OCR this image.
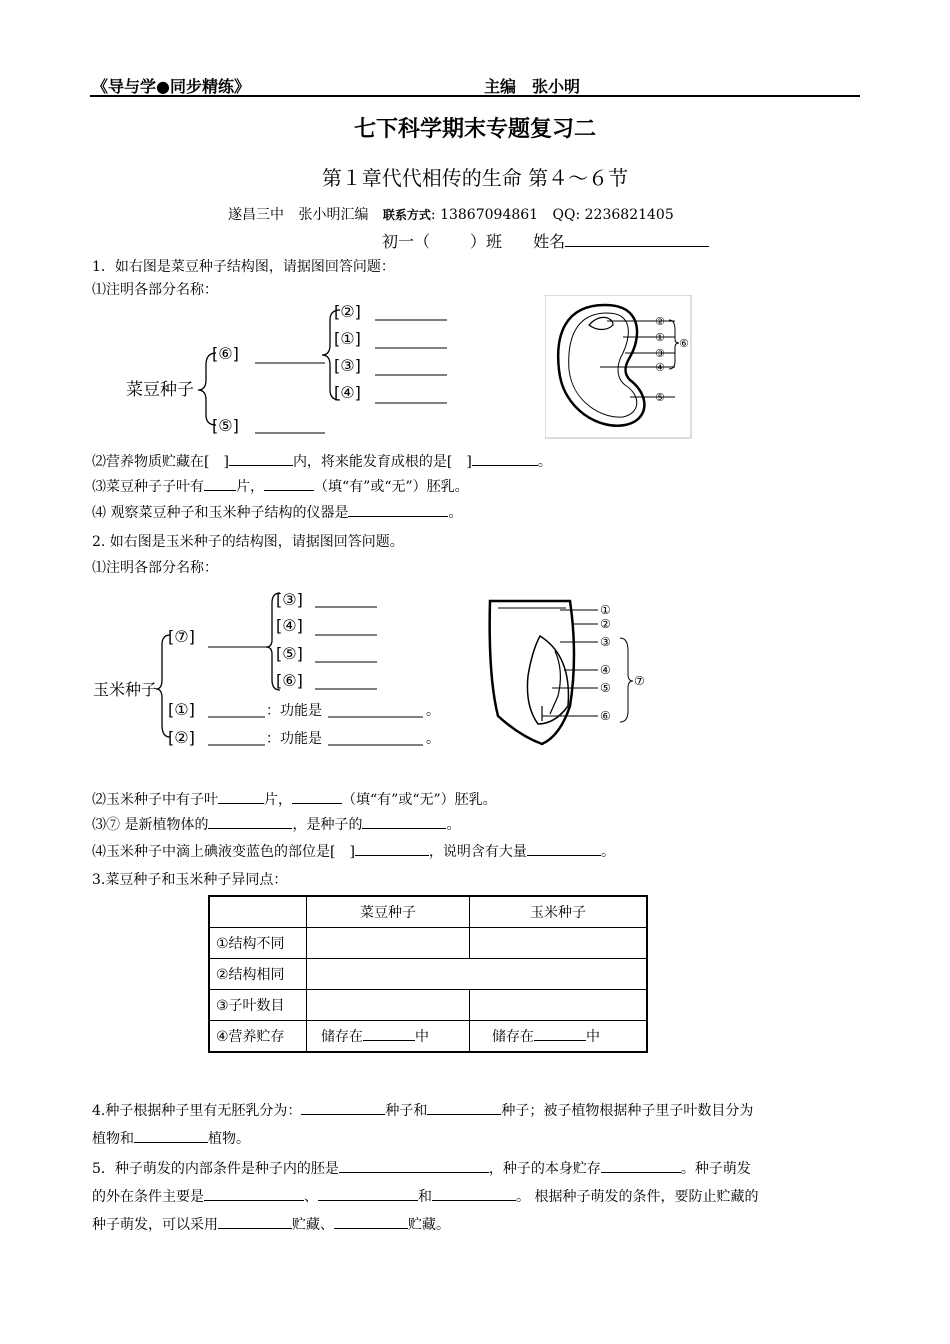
《导与学●同步精练》	主编　张小明
七下科学期末专题复习二
第１章代代相传的生命 第４～６节
遂昌三中 张小明汇编 联系方式: 13867094861 QQ: 2236821405
初一（	）班 姓名
1．如右图是菜豆种子结构图，请据图回答问题：
⑴注明各部分名称：
菜豆种子
[⑥]
[⑤]
[②]
[①]
[③]
[④]
②
①
③
④
⑤
⑥
⑵营养物质贮藏在[　]	内，将来能发育成根的是[　]	。
⑶菜豆种子子叶有 片，	（填“有”或“无”）胚乳。
⑷ 观察菜豆种子和玉米种子结构的仪器是	。
2. 如右图是玉米种子的结构图，请据图回答问题。
⑴注明各部分名称：
玉米种子
[⑦]
[①]	：功能是	。
[②]	：功能是	。
[③]
[④]
[⑤]
[⑥]
①
②
③
④
⑤
⑥
⑦
⑵玉米种子中有子叶	片，	（填“有”或“无”）胚乳。
⑶⑦ 是新植物体的	，是种子的	。
⑷玉米种子中滴上碘液变蓝色的部位是[　]	，说明含有大量	。
3.菜豆种子和玉米种子异同点：
	菜豆种子	玉米种子
①结构不同		
②结构相同		
③子叶数目		
④营养贮存	储存在 中	储存在 中
4.种子根据种子里有无胚乳分为：	种子和	种子；被子植物根据种子里子叶数目分为
植物和	植物。
5．种子萌发的内部条件是种子内的胚是	，种子的本身贮存	。种子萌发
的外在条件主要是	、	和	。 根据种子萌发的条件，要防止贮藏的
种子萌发，可以采用	贮藏、	贮藏。
